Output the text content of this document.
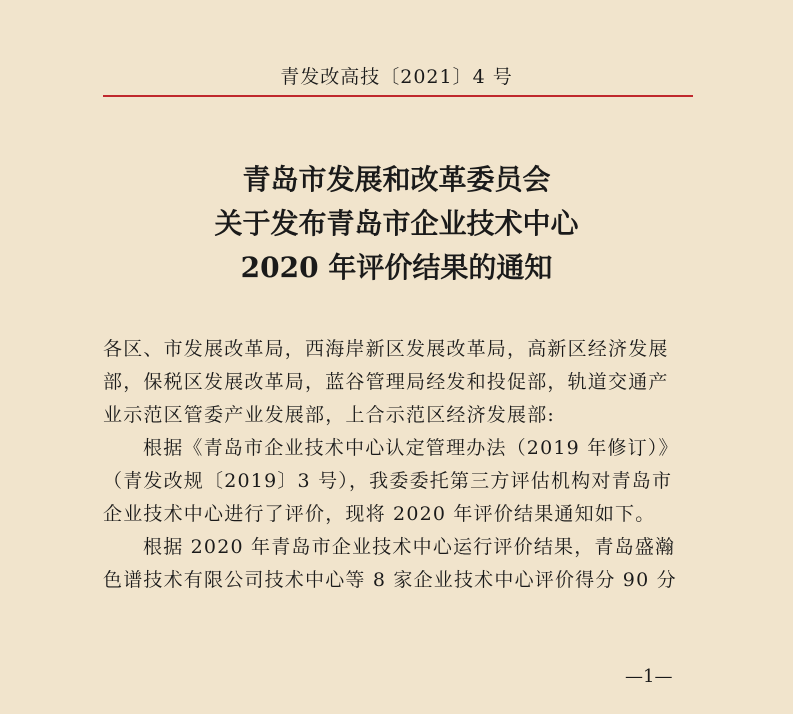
青发改高技〔2021〕4 号
青岛市发展和改革委员会
关于发布青岛市企业技术中心
2020 年评价结果的通知
各区、市发展改革局，西海岸新区发展改革局，高新区经济发展
部，保税区发展改革局，蓝谷管理局经发和投促部，轨道交通产
业示范区管委产业发展部，上合示范区经济发展部:
根据《青岛市企业技术中心认定管理办法（2019 年修订）》
（青发改规〔2019〕3 号），我委委托第三方评估机构对青岛市
企业技术中心进行了评价，现将 2020 年评价结果通知如下。
根据 2020 年青岛市企业技术中心运行评价结果，青岛盛瀚
色谱技术有限公司技术中心等 8 家企业技术中心评价得分 90 分
—1—
